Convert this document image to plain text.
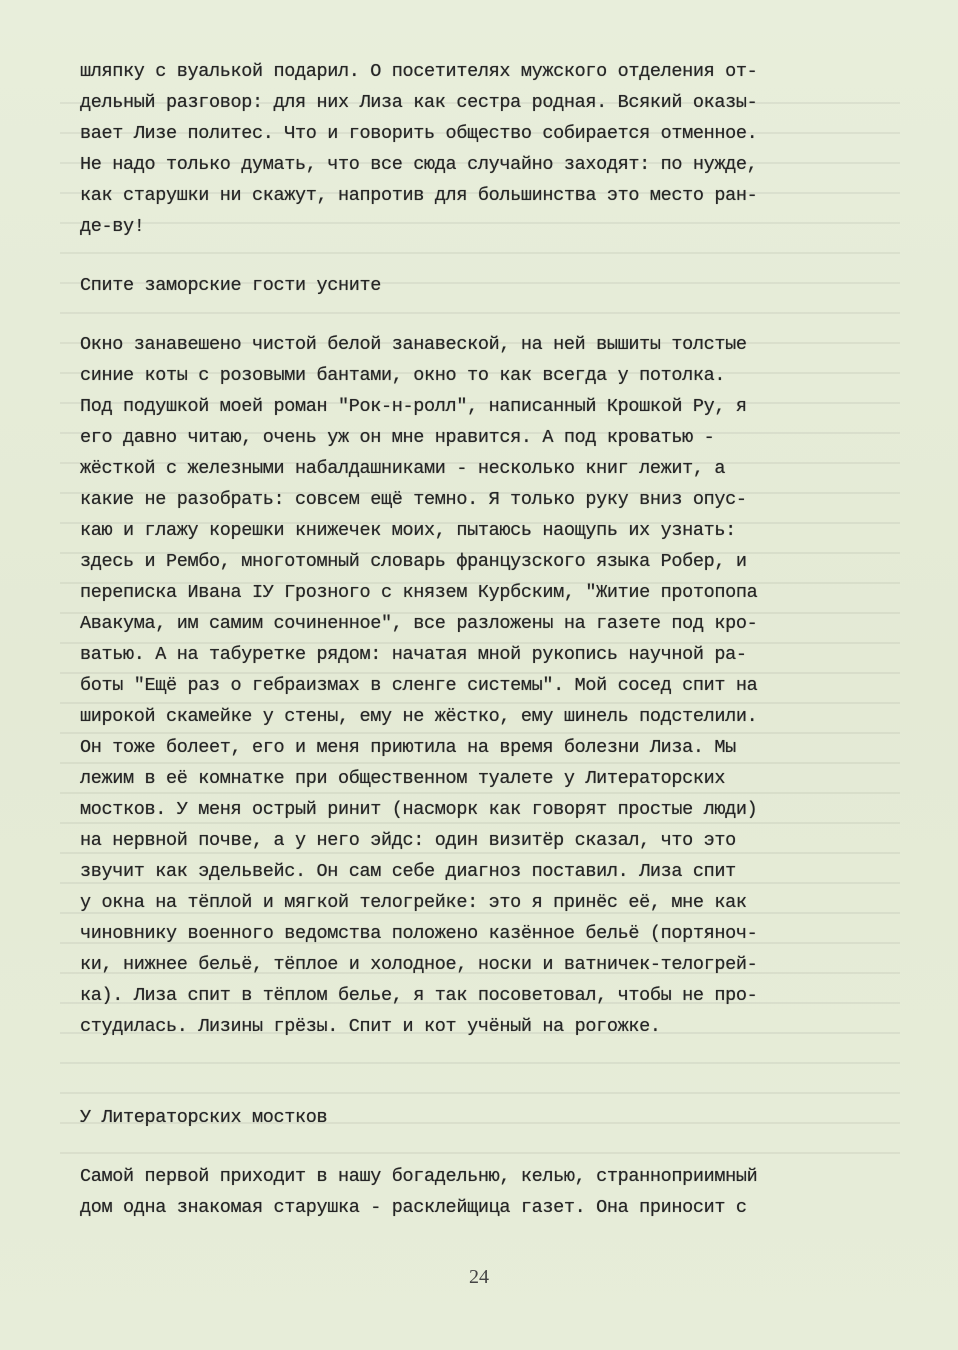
шляпку с вуалькой подарил. О посетителях мужского отделения от-
дельный разговор: для них Лиза как сестра родная. Всякий оказы-
вает Лизе политес. Что и говорить общество собирается отменное.
Не надо только думать, что все сюда случайно заходят: по нужде,
как старушки ни скажут, напротив для большинства это место ран-
де-ву!
Спите заморские гости усните
Окно занавешено чистой белой занавеской, на ней вышиты толстые
синие коты с розовыми бантами, окно то как всегда у потолка.
Под подушкой моей роман "Рок-н-ролл", написанный Крошкой Ру, я
его давно читаю, очень уж он мне нравится. А под кроватью -
жёсткой с железными набалдашниками - несколько книг лежит, а
какие не разобрать: совсем ещё темно. Я только руку вниз опус-
каю и глажу корешки книжечек моих, пытаюсь наощупь их узнать:
здесь и Рембо, многотомный словарь французского языка Робер, и
переписка Ивана IУ Грозного с князем Курбским, "Житие протопопа
Авакума, им самим сочиненное", все разложены на газете под кро-
ватью. А на табуретке рядом: начатая мной рукопись научной ра-
боты "Ещё раз о гебраизмах в сленге системы". Мой сосед спит на
широкой скамейке у стены, ему не жёстко, ему шинель подстелили.
Он тоже болеет, его и меня приютила на время болезни Лиза. Мы
лежим в её комнатке при общественном туалете у Литераторских
мостков. У меня острый ринит (насморк как говорят простые люди)
на нервной почве, а у него эйдс: один визитёр сказал, что это
звучит как эдельвейс. Он сам себе диагноз поставил. Лиза спит
у окна на тёплой и мягкой телогрейке: это я принёс её, мне как
чиновнику военного ведомства положено казённое бельё (портяноч-
ки, нижнее бельё, тёплое и холодное, носки и ватничек-телогрей-
ка). Лиза спит в тёплом белье, я так посоветовал, чтобы не про-
студилась. Лизины грёзы. Спит и кот учёный на рогожке.
У Литераторских мостков
Самой первой приходит в нашу богадельню, келью, странноприимный
дом одна знакомая старушка - расклейщица газет. Она приносит с
24
